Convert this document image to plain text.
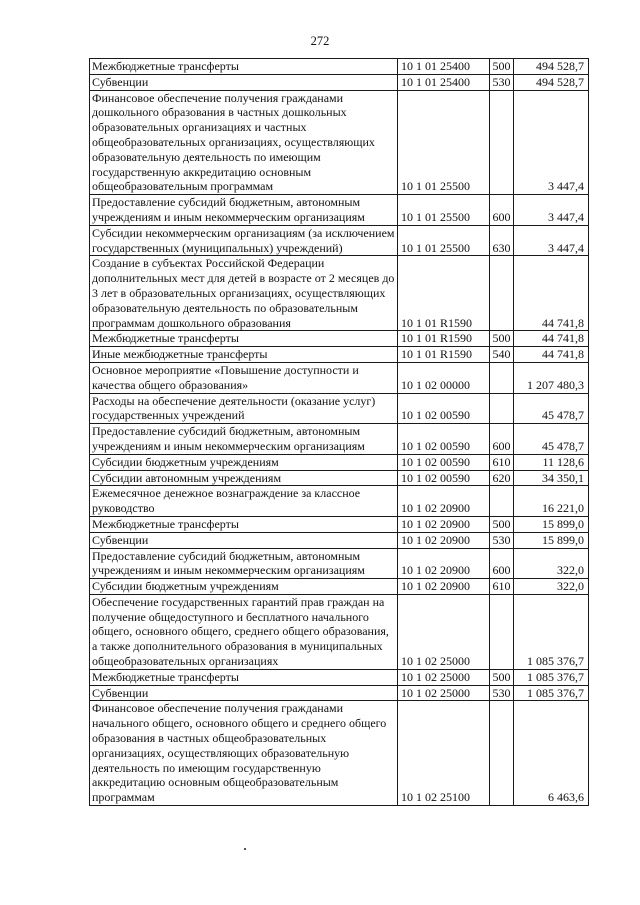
272
Межбюджетные трансферты	10 1 01 25400	500	494 528,7
Субвенции	10 1 01 25400	530	494 528,7
Финансовое обеспечение получения гражданами дошкольного образования в частных дошкольных образовательных организациях и частных общеобразовательных организациях, осуществляющих образовательную деятельность по имеющим государственную аккредитацию основным общеобразовательным программам	10 1 01 25500		3 447,4
Предоставление субсидий бюджетным, автономным учреждениям и иным некоммерческим организациям	10 1 01 25500	600	3 447,4
Субсидии некоммерческим организациям (за исключением государственных (муниципальных) учреждений)	10 1 01 25500	630	3 447,4
Создание в субъектах Российской Федерации дополнительных мест для детей в возрасте от 2 месяцев до 3 лет в образовательных организациях, осуществляющих образовательную деятельность по образовательным программам дошкольного образования	10 1 01 R1590		44 741,8
Межбюджетные трансферты	10 1 01 R1590	500	44 741,8
Иные межбюджетные трансферты	10 1 01 R1590	540	44 741,8
Основное мероприятие «Повышение доступности и качества общего образования»	10 1 02 00000		1 207 480,3
Расходы на обеспечение деятельности (оказание услуг) государственных учреждений	10 1 02 00590		45 478,7
Предоставление субсидий бюджетным, автономным учреждениям и иным некоммерческим организациям	10 1 02 00590	600	45 478,7
Субсидии бюджетным учреждениям	10 1 02 00590	610	11 128,6
Субсидии автономным учреждениям	10 1 02 00590	620	34 350,1
Ежемесячное денежное вознаграждение за классное руководство	10 1 02 20900		16 221,0
Межбюджетные трансферты	10 1 02 20900	500	15 899,0
Субвенции	10 1 02 20900	530	15 899,0
Предоставление субсидий бюджетным, автономным учреждениям и иным некоммерческим организациям	10 1 02 20900	600	322,0
Субсидии бюджетным учреждениям	10 1 02 20900	610	322,0
Обеспечение государственных гарантий прав граждан на получение общедоступного и бесплатного начального общего, основного общего, среднего общего образования, а также дополнительного образования в муниципальных общеобразовательных организациях	10 1 02 25000		1 085 376,7
Межбюджетные трансферты	10 1 02 25000	500	1 085 376,7
Субвенции	10 1 02 25000	530	1 085 376,7
Финансовое обеспечение получения гражданами начального общего, основного общего и среднего общего образования в частных общеобразовательных организациях, осуществляющих образовательную деятельность по имеющим государственную аккредитацию основным общеобразовательным программам	10 1 02 25100		6 463,6
